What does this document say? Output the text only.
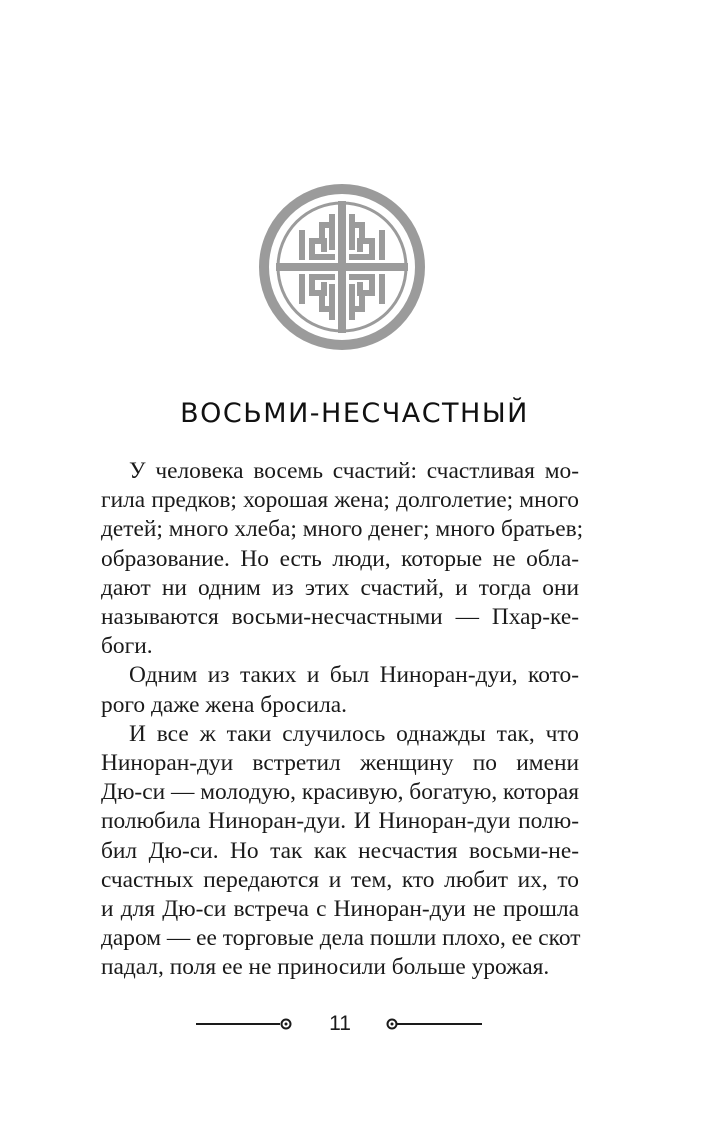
ВОСЬМИ-НЕСЧАСТНЫЙ

У человека восемь счастий: счастливая мо-

гила предков; хорошая жена; долголетие; много

детей; много хлеба; много денег; много братьев;

образование. Но есть люди, которые не обла-

дают ни одним из этих счастий, и тогда они

называются восьми-несчастными — Пхар-ке-

боги.

Одним из таких и был Ниноран-дуи, кото-

рого даже жена бросила.

И все ж таки случилось однажды так, что

Ниноран-дуи встретил женщину по имени

Дю-си — молодую, красивую, богатую, которая

полюбила Ниноран-дуи. И Ниноран-дуи полю-

бил Дю-си. Но так как несчастия восьми-не-

счастных передаются и тем, кто любит их, то

и для Дю-си встреча с Ниноран-дуи не прошла

даром — ее торговые дела пошли плохо, ее скот

падал, поля ее не приносили больше урожая.

11
